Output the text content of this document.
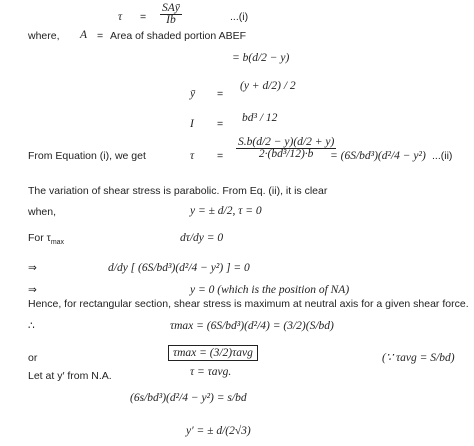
$\tau = \frac{\text{SAȳ}}{Ib}$	...(i)
where, A = Area of shaded portion ABEF
= b(d/2 − y)
ȳ =
(y + d/2) / 2
I = bd³ / 12
From Equation (i), we get	$\tau = \frac{S.b(d/2 - y)(d/2 + y)}{\text{2·(bd³/12)·b}}$
= (6S/bd³)(d²/4 − y²) ...(ii)
The variation of shear stress is parabolic. From Eq. (ii), it is clear
when,	y = ± d/2, τ = 0
For $\tau_{max}$	dτ/dy = 0
⇒	d/dy [ (6S/bd³)(d²/4 − y²) ] = 0
⇒	y = 0 (which is the position of NA)
Hence, for rectangular section, shear stress is maximum at neutral axis for a given shear force.
∴	τmax = (6S/bd³)(d²/4) = (3/2)(S/bd)
or	τmax = (3/2)τavg	(∵ τavg = S/bd)
Let at y′ from N.A.	τ = τavg.
(6s/bd³)(d²/4 − y²) = s/bd
y′ = ± d/(2√3)
